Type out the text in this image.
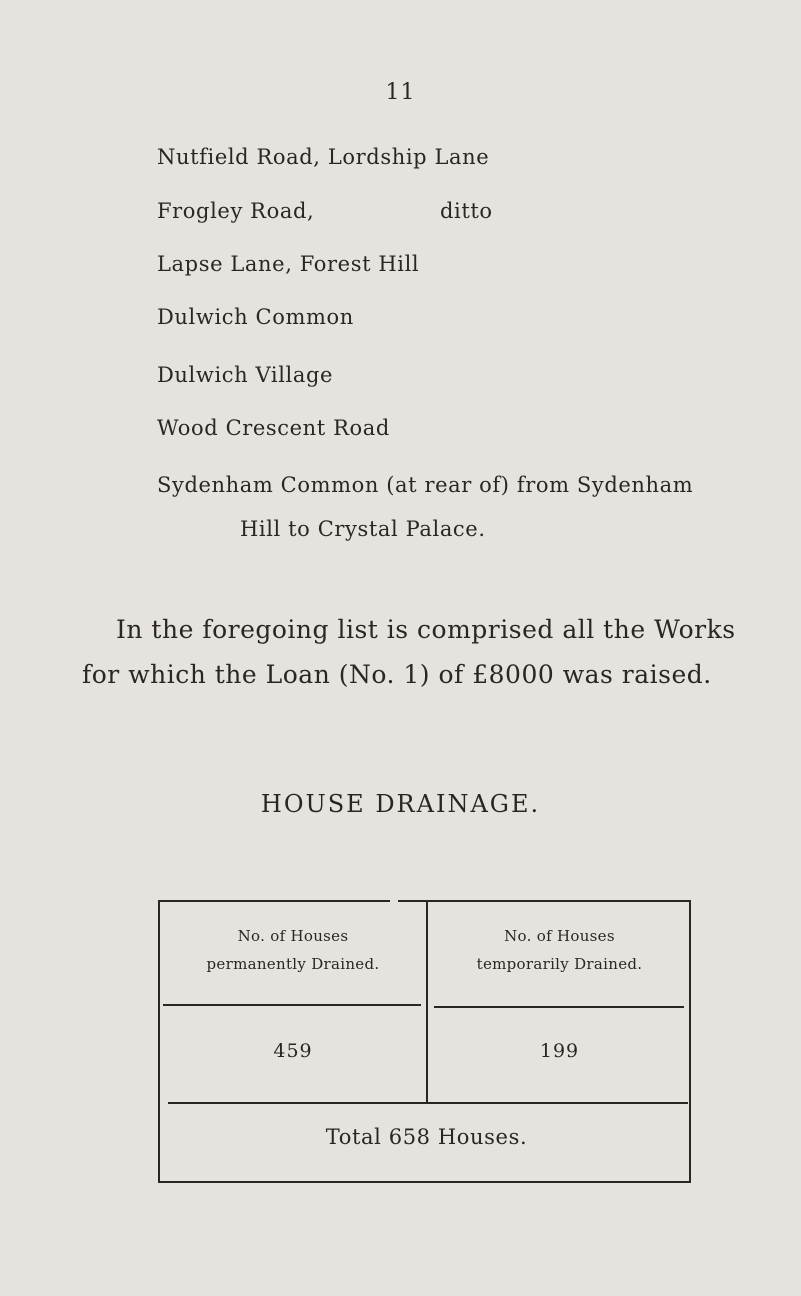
11
Nutfield Road, Lordship Lane
Frogley Road,	ditto
Lapse Lane, Forest Hill
Dulwich Common
Dulwich Village
Wood Crescent Road
Sydenham Common (at rear of) from Sydenham
Hill to Crystal Palace.
In the foregoing list is comprised all the Works
for which the Loan (No. 1) of £8000 was raised.
HOUSE DRAINAGE.
No. of Houses
permanently Drained.
No. of Houses
temporarily Drained.
459	199
Total 658 Houses.
